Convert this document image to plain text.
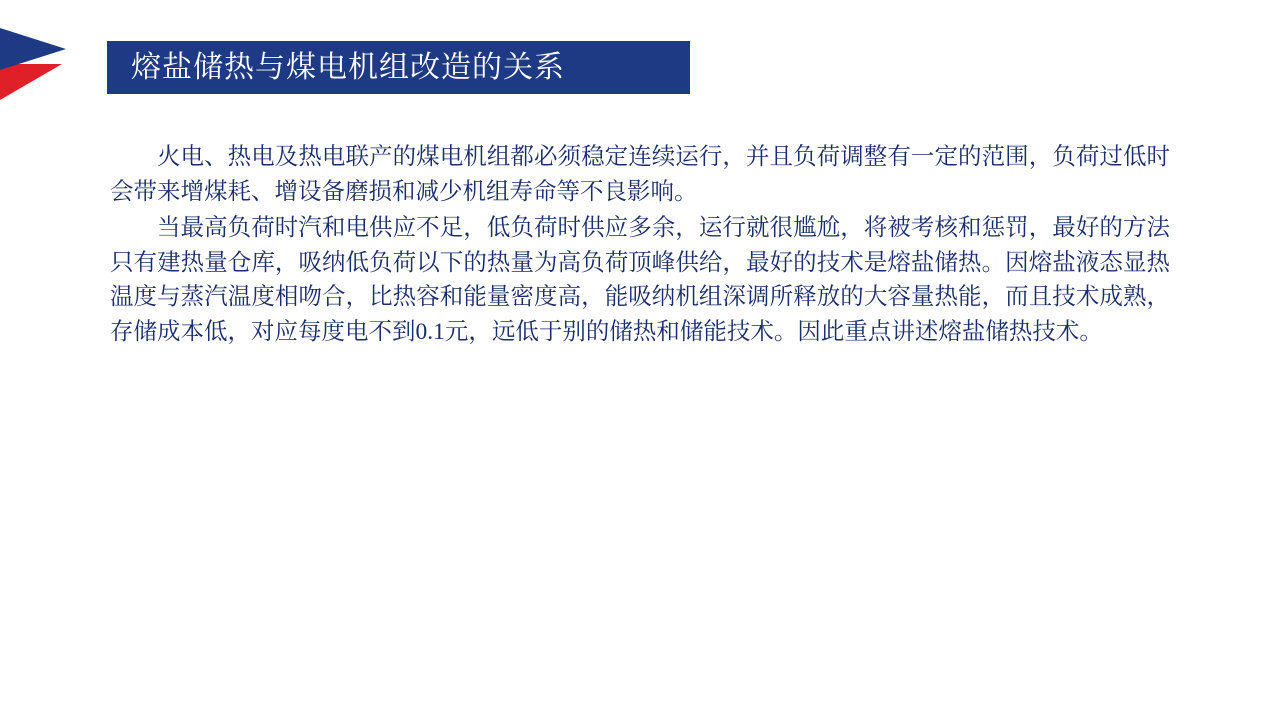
熔盐储热与煤电机组改造的关系

火电、热电及热电联产的煤电机组都必须稳定连续运行，并且负荷调整有一定的范围，负荷过低时会带来增煤耗、增设备磨损和减少机组寿命等不良影响。

当最高负荷时汽和电供应不足，低负荷时供应多余，运行就很尴尬，将被考核和惩罚，最好的方法只有建热量仓库，吸纳低负荷以下的热量为高负荷顶峰供给，最好的技术是熔盐储热。因熔盐液态显热温度与蒸汽温度相吻合，比热容和能量密度高，能吸纳机组深调所释放的大容量热能，而且技术成熟，存储成本低，对应每度电不到0.1元，远低于别的储热和储能技术。因此重点讲述熔盐储热技术。
